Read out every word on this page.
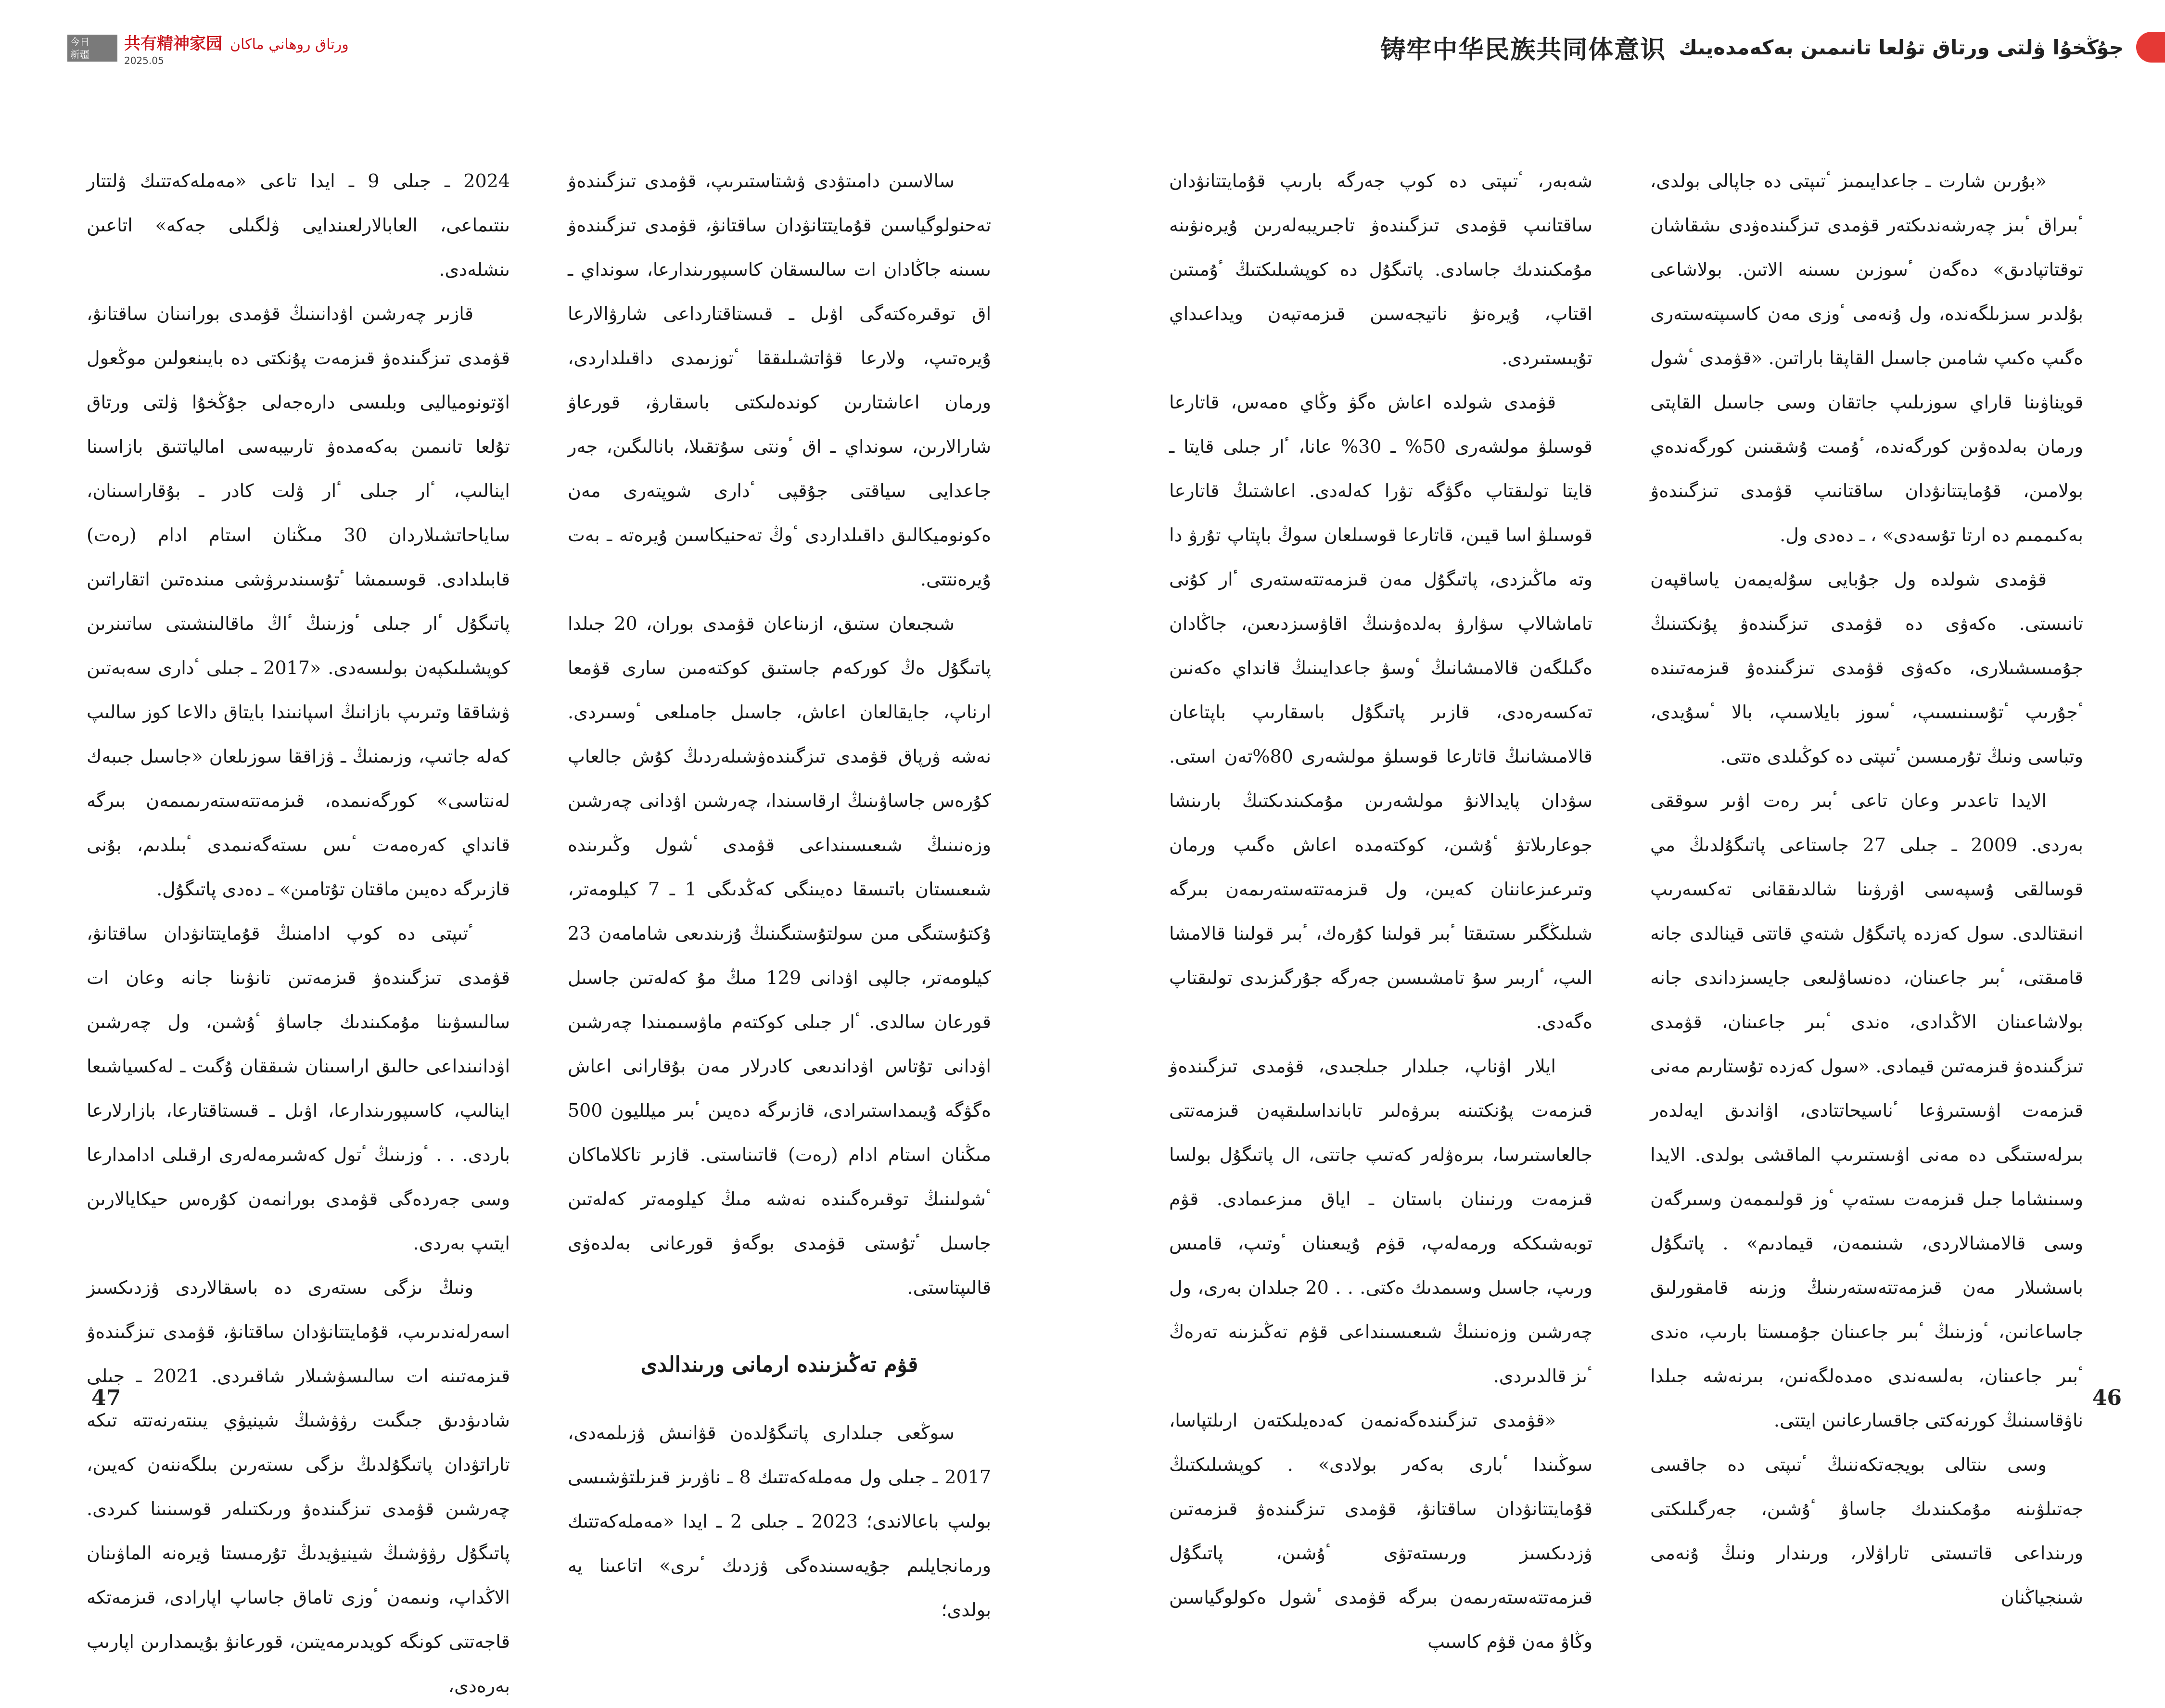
今日
新疆
共有精神家园 ورتاق روھاني ماكان
2025.05

سالاسىن دامىتۋدى ۋشتاستىرىپ، قۋمدى تىزگىندەۋ تەحنولوگياسىن قۇمايتتانۋدان ساقتانۋ، قۋمدى تىزگىندەۋ ىسىنە جاڭادان ات سالىسقان كاسىپورىندارعا، سونداي ـ اق توقىرەكتەگى اۋىل ـ قىستاقتارداعى شارۋالارعا ۇيرەتىپ، ولارعا قۋاتشىلىققا ٴتوزىمدى داقىلداردى، ورمان اعاشتارىن كوندەلىكتى باسقارۋ، قورعاۋ شارالارىن، سونداي ـ اق ٴونتى سۇتقىلا، بانالىگىن، جەر جاعدايى سياقتى جۇقپى ٴدارى شوپتەرى مەن ەكونوميكالىق داقىلداردى ٴوڭ تەحنيكاسىن ۇيرەتە ـ بەت ۇيرەنتتى.

شىجىعان ستىق، ازىناعان قۋمدى بوران، 20 جىلدا پاتىگۇل ەڭ كوركەم جاستىق كوكتەمىن سارى قۋمعا ارناپ، جايقالعان اعاش، جاسىل جامىلعى ٴوسىردى. نەشە ۋرپاق قۋمدى تىزگىندەۋشىلەردىڭ كۇش جالعاپ كۇرەس جاساۋىنىڭ ارقاسىندا، چەرشىن اۋدانى چەرشىن وزەنىنىڭ شىعىسىنداعى قۋمدى ٴشول وڭىرىندە شىعىستان باتىسقا دەيىنگى كەڭدىگى 1 ـ 7 كيلومەتر، ۇكتۇستىگى مىن سولتۇستىگىنىڭ ۇزىندىعى شامامەن 23 كيلومەتر، جالپى اۋدانى 129 مىڭ مۇ كەلەتىن جاسىل قورعان سالدى. ٴار جىلى كوكتەم ماۋسىمىندا چەرشىن اۋدانى تۇتاس اۋداندىعى كادرلار مەن بۇقارانى اعاش ەگۋگە ۇيىمداستىرادى، قازىرگە دەيىن ٴبىر ميلليون 500 مىڭنان استام ادام (رەت) قاتىناستى. قازىر تاكلاماكان ٴشولىنىڭ توقىرەگىندە نەشە مىڭ كيلومەتر كەلەتىن جاسىل ٴتۇستى قۋمدى بوگەۋ قورعانى بەلدەۋى قالىپتاستى.

قۋم تەڭىزىندە ارمانى ورىندالدى

سوڭعى جىلدارى پاتىگۇلدەن قۋانىش ۋزىلمەدى، 2017 ـ جىلى ول مەملەكەتتىك 8 ـ ناۋرىز قىزىلتۋشىسى بولىپ باعالاندى؛ 2023 ـ جىلى 2 ـ ايدا «مەملەكەتتىك ورمانجايلىم جۇيەسىندەگى ۋزدىك ٴىرى» اتاعىنا يە بولدى؛

2024 ـ جىلى 9 ـ ايدا تاعى «مەملەكەتتىك ۋلتتار ىنتىماعى، العابالارلعىندايى ۋلگىلى جەكە» اتاعىن ىنشلەدى.

قازىر چەرشىن اۋدانىنىڭ قۋمدى بورانىنان ساقتانۋ، قۋمدى تىزگىندەۋ قىزمەت پۇنكتى دە بايىنعولىن موڭعول اۆتونومياليى وبلىسى دارەجەلى جۇڭخۇا ۋلتى ورتاق تۇلعا تانىمىن بەكەمدەۋ تارىيبەسى امالياتتىق بازاسىنا اينالىپ، ٴار جىلى ٴار ۋلت كادر ـ بۇقاراسىنان، ساياحاتشىلاردان 30 مىڭنان استام ادام (رەت) قابىلدادى. قوسىمشا ٴتۇسىندىرۋشى مىندەتىن اتقاراتىن پاتىگۇل ٴار جىلى ٴوزىنىڭ ٴاڭ ماقالىنشىتى ساتىنرىن كوپشىلىكپەن بولىسەدى. «2017 ـ جىلى ٴدارى سەبەتىن ۋشاققا وتىرىپ بازانىڭ اسپانىندا بايتاق دالاعا كوز سالىپ كەلە جاتىپ، وزىمنىڭ ـ ۋزاققا سوزىلعان «جاسىل جىبەك لەنتاسى» كورگەنىمدە، قىزمەتتەستەرىمىمەن بىرگە قانداي كەرەمەت ٴىس ىستەگەنىمدى ٴبىلدىم، بۇنى قازىرگە دەيىن ماقتان تۇتامىن» ـ دەدى پاتىگۇل.

ٴتىپتى دە كوپ ادامنىڭ قۇمايتتانۋدان ساقتانۋ، قۋمدى تىزگىندەۋ قىزمەتىن تانۋىنا جانە وعان ات سالىسۋىنا مۇمكىندىك جاساۋ ٴۇشىن، ول چەرشىن اۋدانىنداعى حالىق اراسىنان شىققان ۇگىت ـ لەكسياشىعا اينالىپ، كاسىپورىندارعا، اۋىل ـ قىستاقتارعا، بازارلارعا باردى. . . ٴوزىنىڭ ٴتول كەشىرمەلەرى ارقىلى ادامدارعا وسى جەردەگى قۋمدى بورانمەن كۇرەس حيكايالارىن ايتىپ بەردى.

ونىڭ ىزگى ىستەرى دە باسقالاردى ۋزدىكسىز اسەرلەندىرىپ، قۇمايتتانۋدان ساقتانۋ، قۋمدى تىزگىندەۋ قىزمەتىنە ات سالىسۋشىلار شاقىردى. 2021 ـ جىلى شادىۋدىق جىگىت رۋۋشىڭ شينيۋي يىنتەرنەتتە تىكە تاراتۋدان پاتىگۇلدىڭ ىزگى ىستەرىن بىلگەننەن كەيىن، چەرشىن قۋمدى تىزگىندەۋ ورىكتىلەر قوسىنىنا كىردى. پاتىگۇل رۋۋشىڭ شينيۋيدىڭ تۇرمىستا ۋيرەنە الماۋىنان الاڭداپ، ونىمەن ٴوزى تاماق جاساپ اپارادى، قىزمەتكە قاجەتتى كونگە كويدىرمەيتىن، قورعانۋ بۇيىمدارىن اپارىپ بەرەدى،

47
铸牢中华民族共同体意识 جۇڭخۇا ۋلتى ورتاق تۇلعا تانىمىن بەكەمدەيىك

«بۇرىن شارت ـ جاعدايىمىز ٴتىپتى دە جاپالى بولدى، ٴبىراق ٴبىز چەرشەندىكتەر قۋمدى تىزگىندەۋدى ىشقاشان توقتاتپادىق» دەگەن ٴسوزىن ىسىنە الاتىن. بولاشاعى بۇلدىر سىزىلگەندە، ول ۇنەمى ٴوزى مەن كاسىپتەستەرى ەگىپ ەكىپ شامىن جاسىل القاپقا باراتىن. «قۋمدى ٴشول قويناۋىنا قاراي سوزىلىپ جاتقان وسى جاسىل القاپتى ورمان بەلدەۋىن كورگەندە، ٴۇمىت ۇشقىنىن كورگەندەي بولامىن، قۇمايتتانۋدان ساقتانىپ قۋمدى تىزگىندەۋ بەكىممىم دە ارتا تۇسەدى» ، ـ دەدى ول.

قۋمدى شولدە ول جۇبايى سۇلەيمەن ياساقپەن تانىستى. ەكەۋى دە قۋمدى تىزگىندەۋ پۇنكتىنىڭ جۇمىسشىلارى، ەكەۋى قۋمدى تىزگىندەۋ قىزمەتىندە ٴجۇرىپ ٴتۇسىنىسىپ، ٴسوز بايلاسىپ، بالا ٴسۇيدى، وتباسى ونىڭ تۇرمىسىن ٴتىپتى دە كوڭىلدى ەتتى.

الايدا تاعدىر وعان تاعى ٴبىر رەت اۋىر سوققى بەردى. 2009 ـ جىلى 27 جاستاعى پاتىگۇلدىڭ مي قوسالقى ۇسپەسى اۋرۋىنا شالدىققانى تەكسەرىپ انىقتالدى. سول كەزدە پاتىگۇل شتەي قاتتى قينالدى جانە قامىقتى، ٴبىر جاعىنان، دەنساۋلىعى جايسىزداندى جانە بولاشاعىنان الاڭدادى، ەندى ٴبىر جاعىنان، قۋمدى تىزگىندەۋ قىزمەتىن قيمادى. «سول كەزدە تۇستارىم مەنى قىزمەت اۋىستىرۋعا ٴناسيحاتتادى، اۋاندىق ايەلدەر بىرلەستىگى دە مەنى اۋىستىرىپ الماقشى بولدى. الايدا وسىنشاما جىل قىزمەت ىستەپ ٴوز قولىممەن وسىرگەن وسى قالامشالاردى، شىنىمەن، قيمادىم» . پاتىگۇل باسشىلار مەن قىزمەتتەستەرىنىڭ وزىنە قامقورلىق جاساعانىن، ٴوزىنىڭ ٴبىر جاعىنان جۇمىستا بارىپ، ەندى ٴبىر جاعىنان، بەلسەندى ەمدەلگەنىن، بىرنەشە جىلدا ناۋقاسىنىڭ كورنەكتى جاقسارعانىن ايتتى.

وسى ىنتالى بويجەتكەننىڭ ٴتىپتى دە جاقسى جەتىلۋىنە مۇمكىندىك جاساۋ ٴۇشىن، جەرگىلىكتى ورىنداعى قاتىستى تاراۋلار، ورىندار ونىڭ ۇنەمى شىنجياڭنان

شەبەر، ٴتىپتى دە كوپ جەرگە بارىپ قۇمايتتانۋدان ساقتانىپ قۋمدى تىزگىندەۋ تاجىريبەلەرىن ۇيرەنۋىنە مۇمكىندىك جاسادى. پاتىگۇل دە كوپشىلىكتىڭ ٴۇمىتىن اقتاپ، ۇيرەنۋ ناتيجەسىن قىزمەتپەن ويداعىداي تۇيىستىردى.

قۋمدى شولدە اعاش ەگۋ وڭاي ەمەس، قاتارعا قوسىلۋ مولشەرى 50% ـ 30% عانا، ٴار جىلى قايتا ـ قايتا تولىقتاپ ەگۋگە تۋرا كەلەدى. اعاشتىڭ قاتارعا قوسىلۋ اسا قيىن، قاتارعا قوسىلعان سوڭ باپتاپ تۇرۋ دا وتە ماڭىزدى، پاتىگۇل مەن قىزمەتتەستەرى ٴار كۇنى تاماشالاپ سۋارۋ بەلدەۋىنىڭ اقاۋسىزدىعىن، جاڭادان ەگىلگەن قالامىشانىڭ ٴوسۋ جاعدايىنىڭ قانداي ەكەنىن تەكسەرەدى، قازىر پاتىگۇل باسقارىپ باپتاعان قالامىشانىڭ قاتارعا قوسىلۋ مولشەرى 80%تەن استى. سۋدان پايدالانۋ مولشەرىن مۇمكىندىكتىڭ بارىنشا جوعارىلاتۋ ٴۇشىن، كوكتەمدە اعاش ەگىپ ورمان وتىرعىزعاننان كەيىن، ول قىزمەتتەستەرىمەن بىرگە شىلىڭگىر ىستىقتا ٴبىر قولىنا كۇرەك، ٴبىر قولىنا قالامشا الىپ، ٴاربىر سۇ تامشىسىن جەرگە جۇرگىزىدى تولىقتاپ ەگەدى.

ايلار اۋناپ، جىلدار جىلجىدى، قۋمدى تىزگىندەۋ قىزمەت پۇنكتىنە بىرۋەلىر تابانداسلىقپەن قىزمەتتى جالعاستىرسا، بىرەۋلەر كەتىپ جاتتى، ال پاتىگۇل بولسا قىزمەت ورنىنان باستان ـ اياق مىزعىمادى. قۋم توبەشىككە ورمەلەپ، قۋم ۇيىعىنان ٴوتىپ، قامىس ورىپ، جاسىل وسىمدىك ەكتى. . . 20 جىلدان بەرى، ول چەرشىن وزەنىنىڭ شىعىسىنداعى قۋم تەڭىزىنە تەرەڭ ٴىز قالدىردى.

«قۋمدى تىزگىندەگەنمەن كەدەيلىكتەن ارىلتپاسا، سوڭىندا ٴبارى بەكەر بولادى» . كوپشىلىكتىڭ قۇمايتتانۋدان ساقتانۋ، قۋمدى تىزگىندەۋ قىزمەتىن ۋزدىكسىز ورىستەتۋى ٴۇشىن، پاتىگۇل قىزمەتتەستەرىمەن بىرگە قۋمدى ٴشول ەكولوگياسىن وڭاۋ مەن قۋم كاسىپ

46
